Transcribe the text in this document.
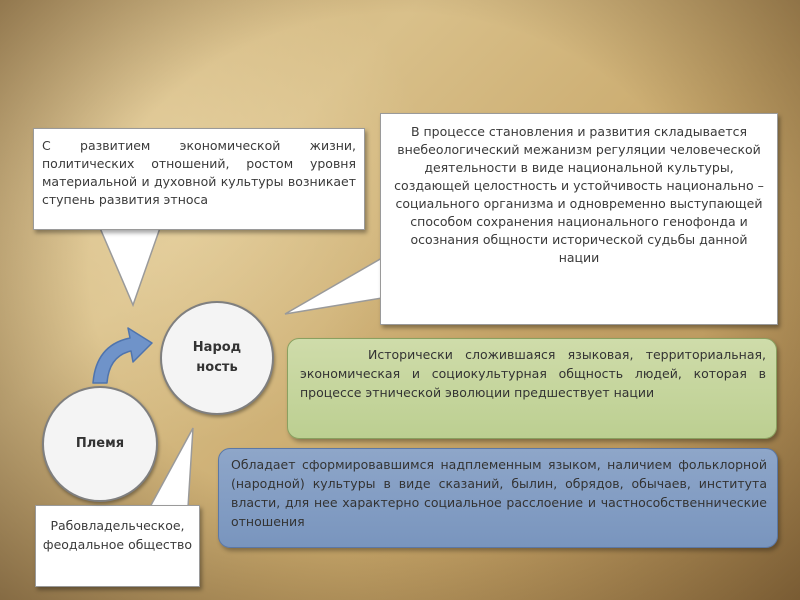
С развитием экономической жизни, политических отношений, ростом уровня материальной и духовной культуры возникает ступень развития этноса
В процессе становления и развития складывается внебеологический межанизм регуляции человеческой деятельности в виде национальной культуры, создающей целостность и устойчивость национально – социального организма и одновременно выступающей способом сохранения национального генофонда и осознания общности исторической судьбы данной нации
Рабовладельческое, феодальное общество
Народ
ность
Племя
Исторически сложившаяся языковая, территориальная, экономическая и социокультурная общность людей, которая в процессе этнической эволюции предшествует нации
Обладает сформировавшимся надплеменным языком, наличием фольклорной (народной) культуры в виде сказаний, былин, обрядов, обычаев, института власти, для нее характерно социальное расслоение и частнособственнические отношения
